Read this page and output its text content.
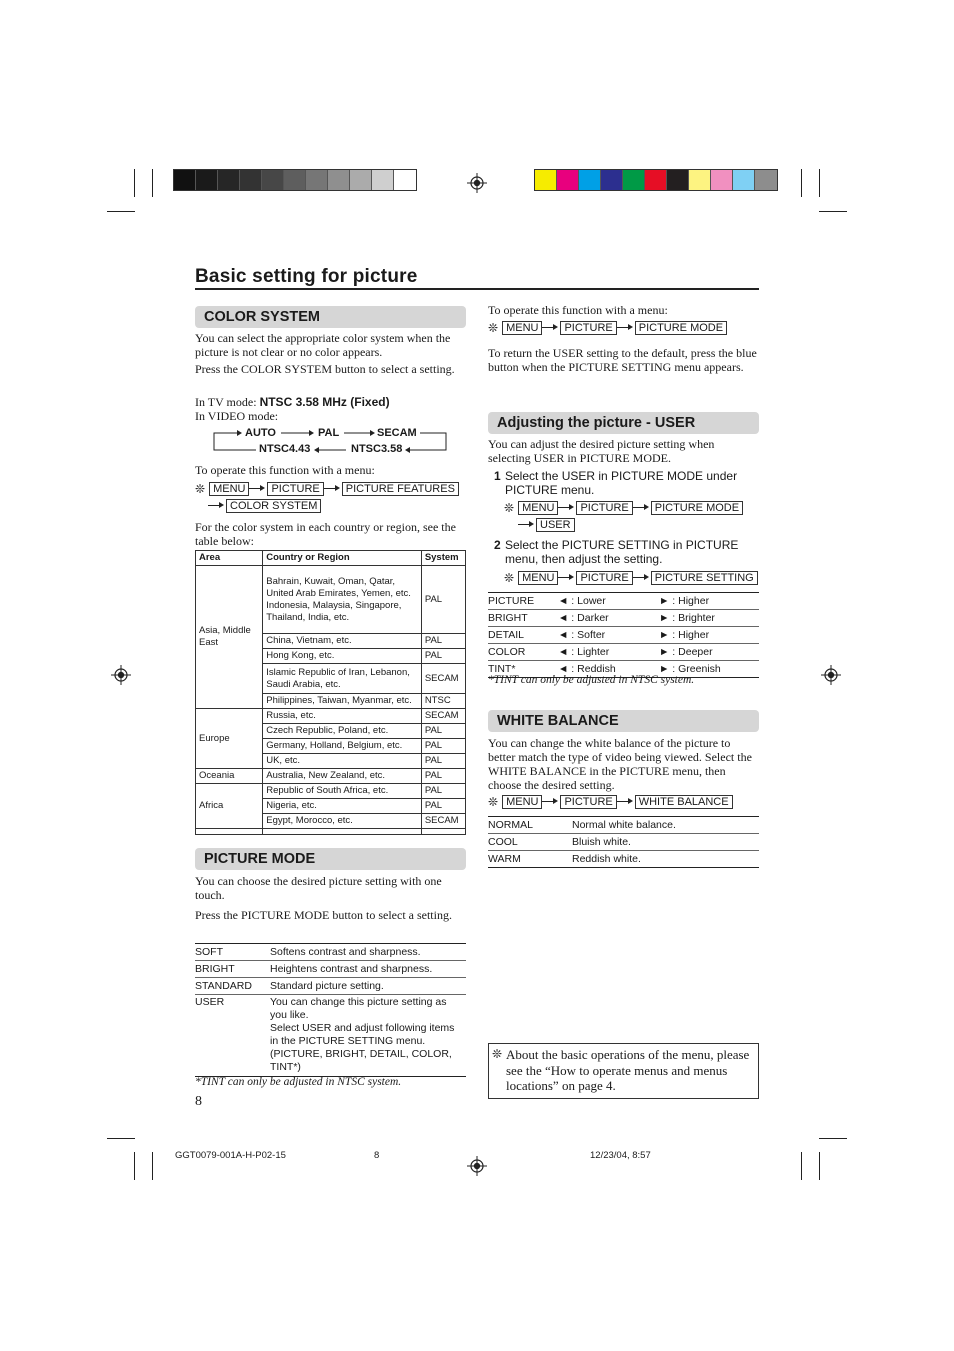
Basic setting for picture
COLOR SYSTEM
You can select the appropriate color system when the picture is not clear or no color appears.
Press the COLOR SYSTEM button to select a setting.
In TV mode: NTSC 3.58 MHz (Fixed)
In VIDEO mode:
AUTO	PAL	SECAM
NTSC4.43	NTSC3.58
To operate this function with a menu:
❊ MENU	PICTURE	PICTURE FEATURES
COLOR SYSTEM
For the color system in each country or region, see the table below:
Area	Country or Region	System
Asia, Middle East	Bahrain, Kuwait, Oman, Qatar, United Arab Emirates, Yemen, etc. Indonesia, Malaysia, Singapore, Thailand, India, etc.	PAL
	China, Vietnam, etc.	PAL
	Hong Kong, etc.	PAL
	Islamic Republic of Iran, Lebanon, Saudi Arabia, etc.	SECAM
	Philippines, Taiwan, Myanmar, etc.	NTSC
Europe	Russia, etc.	SECAM
	Czech Republic, Poland, etc.	PAL
	Germany, Holland, Belgium, etc.	PAL
	UK, etc.	PAL
Oceania	Australia, New Zealand, etc.	PAL
Africa	Republic of South Africa, etc.	PAL
	Nigeria, etc.	PAL
	Egypt, Morocco, etc.	SECAM

PICTURE MODE
You can choose the desired picture setting with one touch.
Press the PICTURE MODE button to select a setting.
SOFT	Softens contrast and sharpness.
BRIGHT	Heightens contrast and sharpness.
STANDARD	Standard picture setting.
USER	You can change this picture setting as you like.
Select USER and adjust following items in the PICTURE SETTING menu. (PICTURE, BRIGHT, DETAIL, COLOR, TINT*)
*TINT can only be adjusted in NTSC system.
8
To operate this function with a menu:
❊ MENU	PICTURE	PICTURE MODE
To return the USER setting to the default, press the blue button when the PICTURE SETTING menu appears.
Adjusting the picture - USER
You can adjust the desired picture setting when selecting USER in PICTURE MODE.
1 Select the USER in PICTURE MODE under PICTURE menu.
❊ MENU	PICTURE	PICTURE MODE
USER
2 Select the PICTURE SETTING in PICTURE menu, then adjust the setting.
❊ MENU	PICTURE	PICTURE SETTING
PICTURE	◄ : Lower	► : Higher
BRIGHT	◄ : Darker	► : Brighter
DETAIL	◄ : Softer	► : Higher
COLOR	◄ : Lighter	► : Deeper
TINT*	◄ : Reddish	► : Greenish
*TINT can only be adjusted in NTSC system.
WHITE BALANCE
You can change the white balance of the picture to better match the type of video being viewed. Select the WHITE BALANCE in the PICTURE menu, then choose the desired setting.
❊ MENU	PICTURE	WHITE BALANCE
NORMAL	Normal white balance.
COOL	Bluish white.
WARM	Reddish white.
❊ About the basic operations of the menu, please see the “How to operate menus and menus locations” on page 4.
GGT0079-001A-H-P02-15	8	12/23/04, 8:57
